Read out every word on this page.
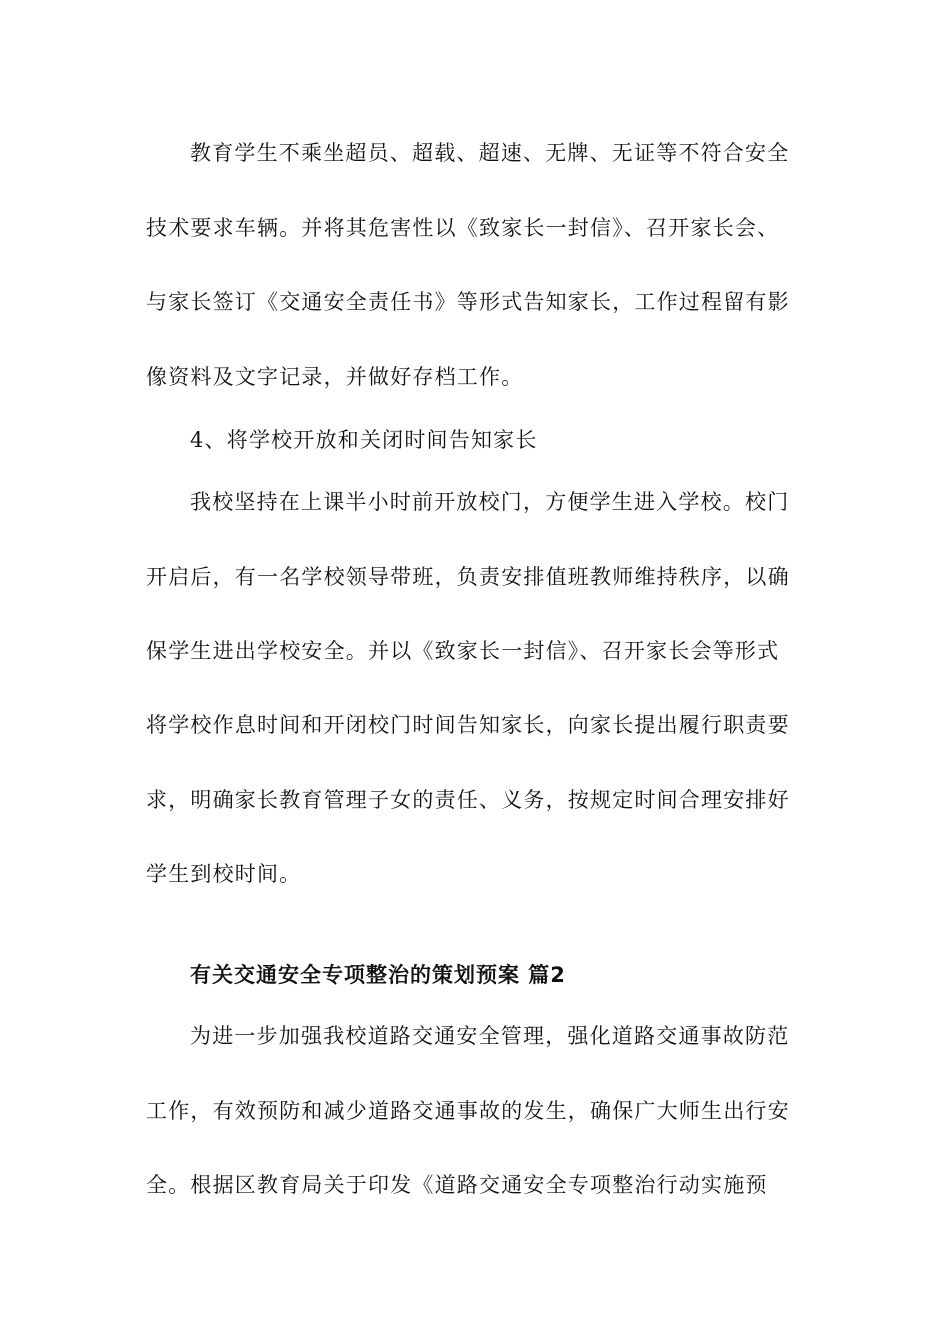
教育学生不乘坐超员、超载、超速、无牌、无证等不符合安全
技术要求车辆。并将其危害性以《致家长一封信》、召开家长会、
与家长签订《交通安全责任书》等形式告知家长，工作过程留有影
像资料及文字记录，并做好存档工作。
4、将学校开放和关闭时间告知家长
我校坚持在上课半小时前开放校门，方便学生进入学校。校门
开启后，有一名学校领导带班，负责安排值班教师维持秩序，以确
保学生进出学校安全。并以《致家长一封信》、召开家长会等形式
将学校作息时间和开闭校门时间告知家长，向家长提出履行职责要
求，明确家长教育管理子女的责任、义务，按规定时间合理安排好
学生到校时间。
有关交通安全专项整治的策划预案 篇2
为进一步加强我校道路交通安全管理，强化道路交通事故防范
工作，有效预防和减少道路交通事故的发生，确保广大师生出行安
全。根据区教育局关于印发《道路交通安全专项整治行动实施预
